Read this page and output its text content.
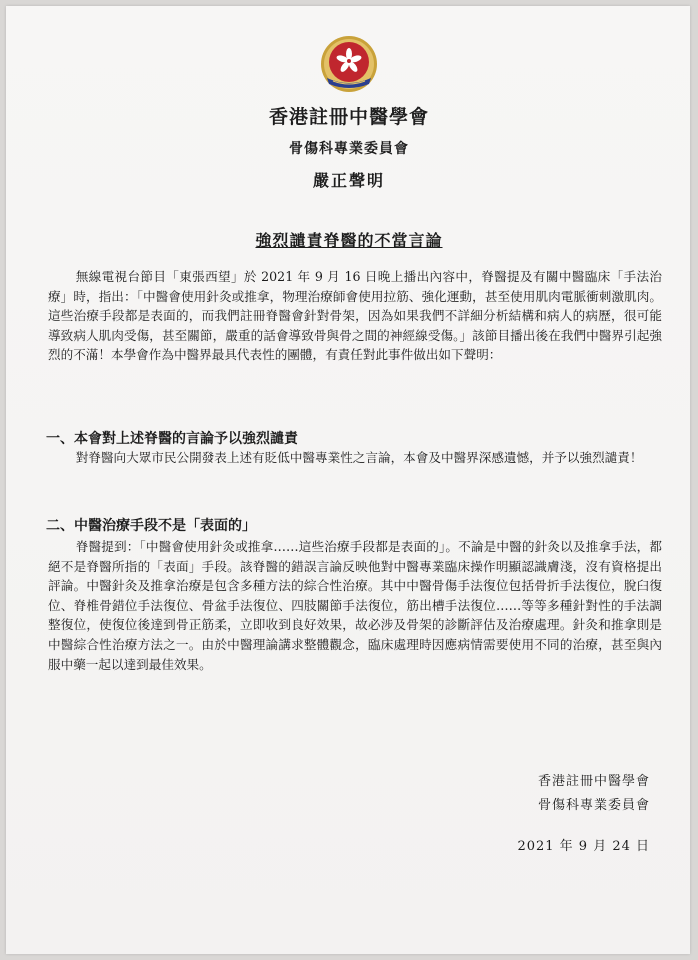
香港註冊中醫學會
骨傷科專業委員會
嚴正聲明
強烈譴責脊醫的不當言論

無線電視台節目「東張西望」於 2021 年 9 月 16 日晚上播出內容中，脊醫提及有關中醫臨床「手法治療」時，指出：「中醫會使用針灸或推拿，物理治療師會使用拉筋、強化運動，甚至使用肌肉電脈衝刺激肌肉。這些治療手段都是表面的，而我們註冊脊醫會針對骨架，因為如果我們不詳細分析結構和病人的病歷，很可能導致病人肌肉受傷，甚至關節，嚴重的話會導致骨與骨之間的神經線受傷。」該節目播出後在我們中醫界引起強烈的不滿！本學會作為中醫界最具代表性的團體，有責任對此事件做出如下聲明：

一、本會對上述脊醫的言論予以強烈譴責

對脊醫向大眾市民公開發表上述有貶低中醫專業性之言論，本會及中醫界深感遺憾，并予以強烈譴責！

二、中醫治療手段不是「表面的」

脊醫提到：「中醫會使用針灸或推拿……這些治療手段都是表面的」。不論是中醫的針灸以及推拿手法，都絕不是脊醫所指的「表面」手段。該脊醫的錯誤言論反映他對中醫專業臨床操作明顯認識膚淺，沒有資格提出評論。中醫針灸及推拿治療是包含多種方法的綜合性治療。其中中醫骨傷手法復位包括骨折手法復位，脫臼復位、脊椎骨錯位手法復位、骨盆手法復位、四肢關節手法復位，筋出槽手法復位……等等多種針對性的手法調整復位，使復位後達到骨正筋柔，立即收到良好效果，故必涉及骨架的診斷評估及治療處理。針灸和推拿則是中醫綜合性治療方法之一。由於中醫理論講求整體觀念，臨床處理時因應病情需要使用不同的治療，甚至與內服中藥一起以達到最佳效果。

香港註冊中醫學會
骨傷科專業委員會
2021 年 9 月 24 日
